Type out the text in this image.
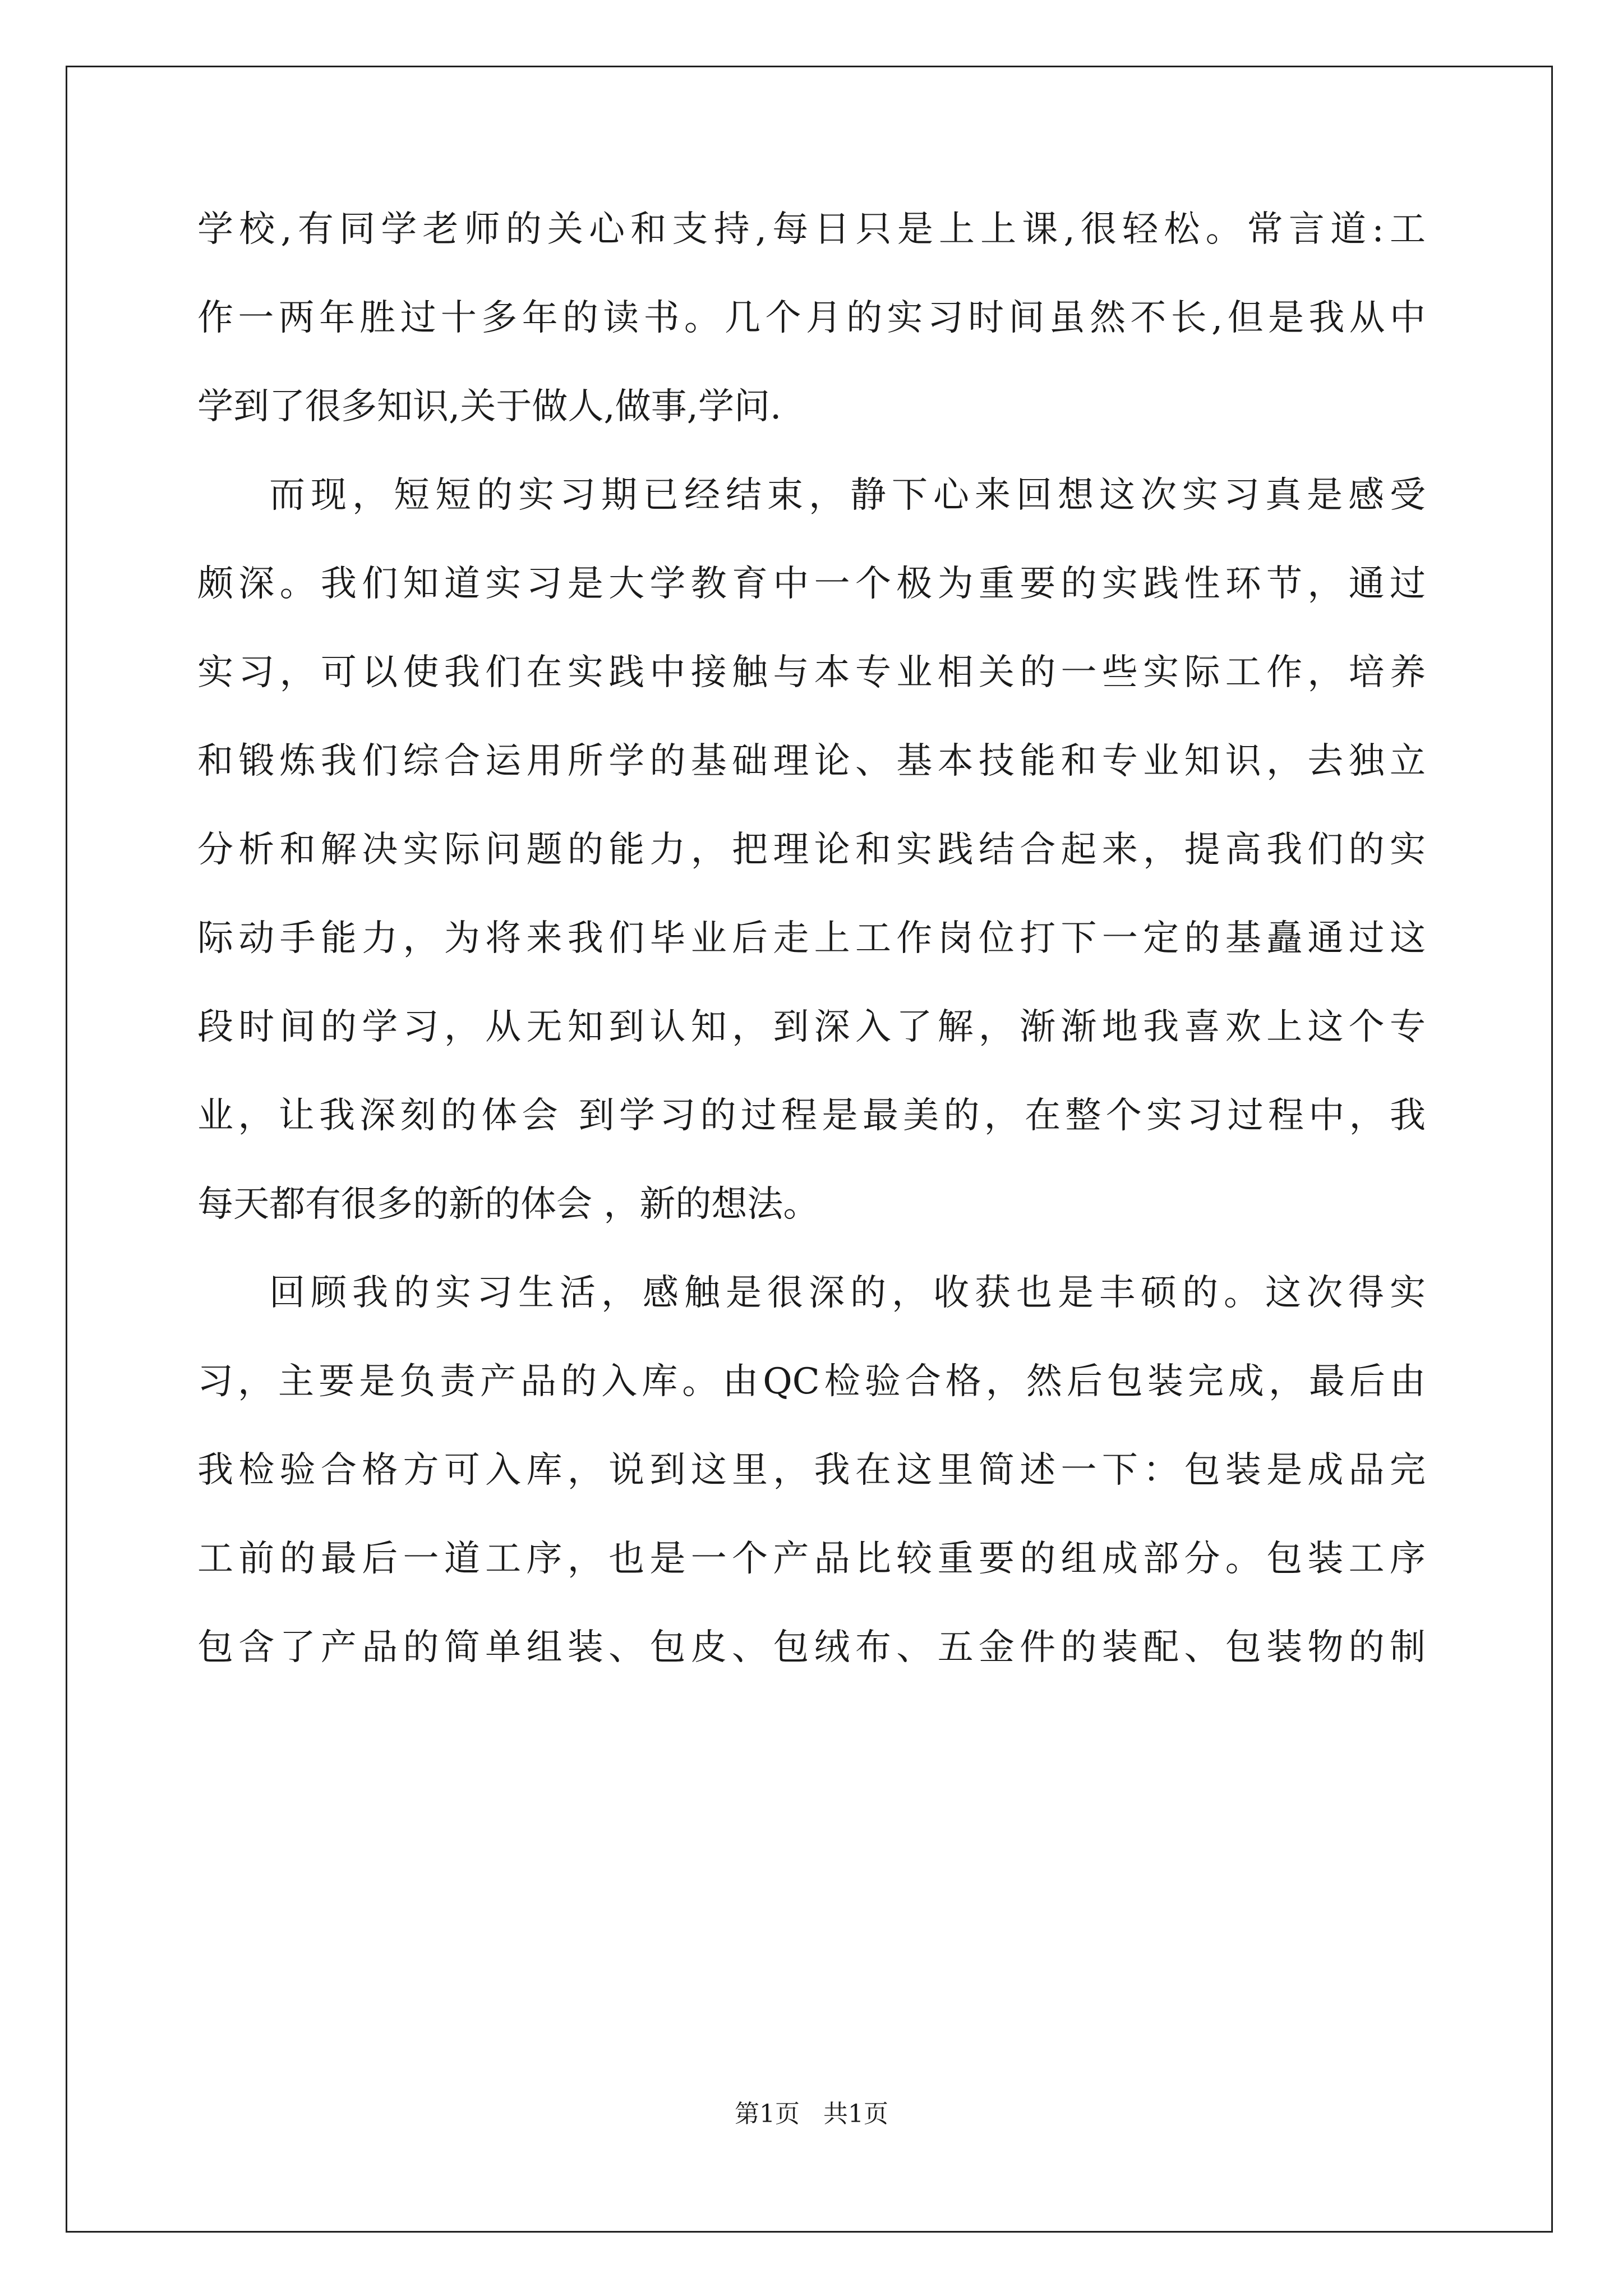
学校,有同学老师的关心和支持,每日只是上上课,很轻松。常言道:工
作一两年胜过十多年的读书。几个月的实习时间虽然不长,但是我从中
学到了很多知识,关于做人,做事,学问.
而现，短短的实习期已经结束，静下心来回想这次实习真是感受
颇深。我们知道实习是大学教育中一个极为重要的实践性环节，通过
实习，可以使我们在实践中接触与本专业相关的一些实际工作，培养
和锻炼我们综合运用所学的基础理论、基本技能和专业知识，去独立
分析和解决实际问题的能力，把理论和实践结合起来，提高我们的实
际动手能力，为将来我们毕业后走上工作岗位打下一定的基矗通过这
段时间的学习，从无知到认知，到深入了解，渐渐地我喜欢上这个专
业，让我深刻的体会 到学习的过程是最美的，在整个实习过程中，我
每天都有很多的新的体会 ，新的想法。
回顾我的实习生活，感触是很深的，收获也是丰硕的。这次得实
习，主要是负责产品的入库。由QC检验合格，然后包装完成，最后由
我检验合格方可入库，说到这里，我在这里简述一下：包装是成品完
工前的最后一道工序，也是一个产品比较重要的组成部分。包装工序
包含了产品的简单组装、包皮、包绒布、五金件的装配、包装物的制
第1页 共1页
